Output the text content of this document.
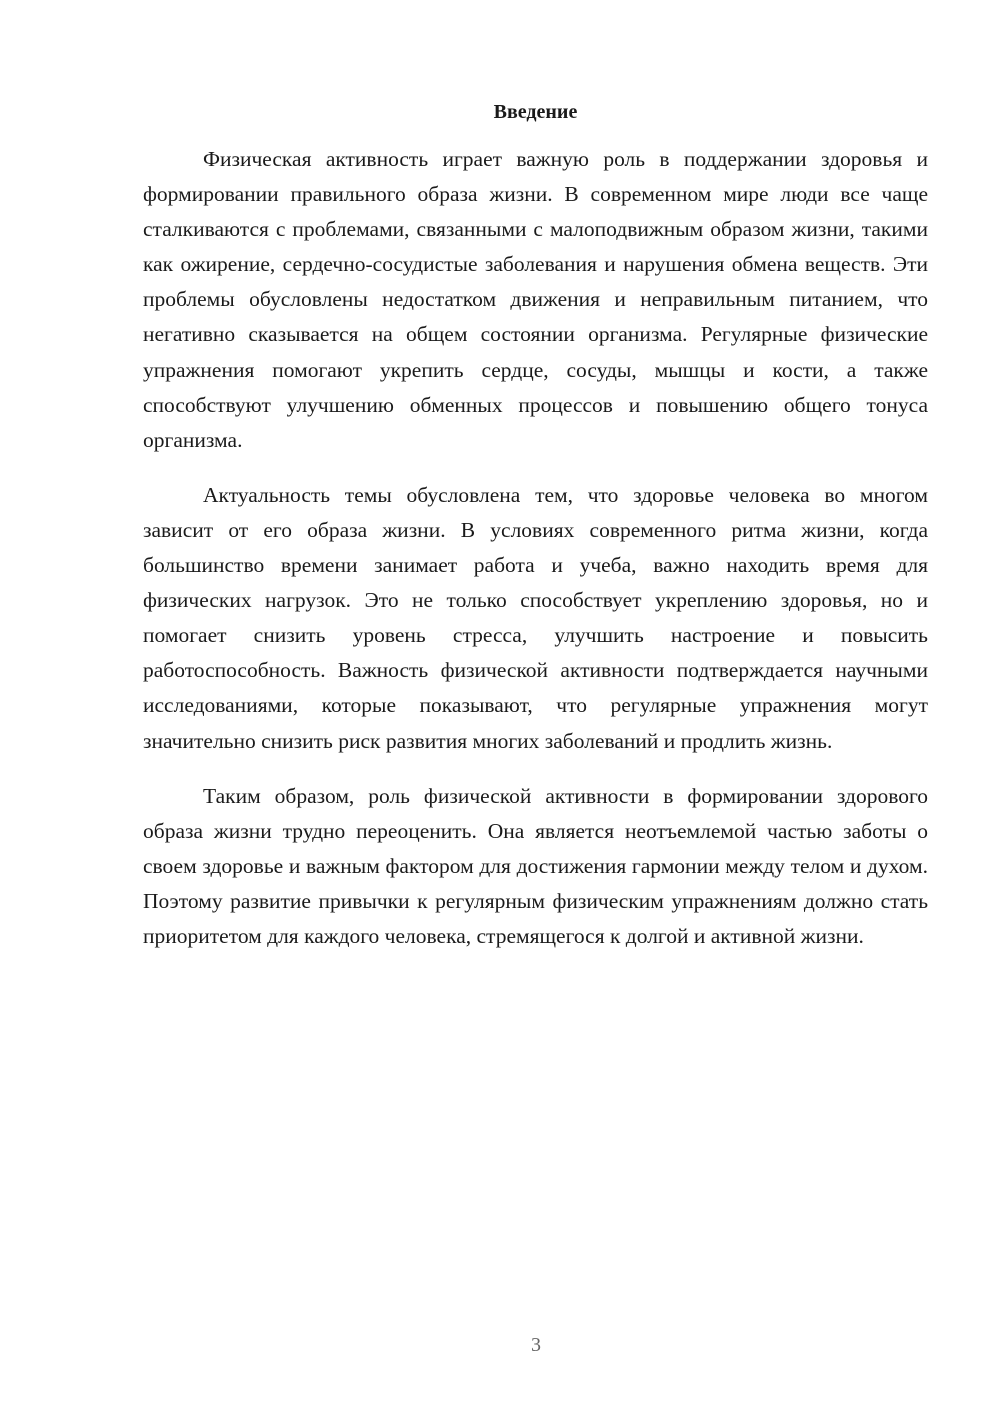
Введение

Физическая активность играет важную роль в поддержании здоровья и формировании правильного образа жизни. В современном мире люди все чаще сталкиваются с проблемами, связанными с малоподвижным образом жизни, такими как ожирение, сердечно-сосудистые заболевания и нарушения обмена веществ. Эти проблемы обусловлены недостатком движения и неправильным питанием, что негативно сказывается на общем состоянии организма. Регулярные физические упражнения помогают укрепить сердце, сосуды, мышцы и кости, а также способствуют улучшению обменных процессов и повышению общего тонуса организма.

Актуальность темы обусловлена тем, что здоровье человека во многом зависит от его образа жизни. В условиях современного ритма жизни, когда большинство времени занимает работа и учеба, важно находить время для физических нагрузок. Это не только способствует укреплению здоровья, но и помогает снизить уровень стресса, улучшить настроение и повысить работоспособность. Важность физической активности подтверждается научными исследованиями, которые показывают, что регулярные упражнения могут значительно снизить риск развития многих заболеваний и продлить жизнь.

Таким образом, роль физической активности в формировании здорового образа жизни трудно переоценить. Она является неотъемлемой частью заботы о своем здоровье и важным фактором для достижения гармонии между телом и духом. Поэтому развитие привычки к регулярным физическим упражнениям должно стать приоритетом для каждого человека, стремящегося к долгой и активной жизни.

3
